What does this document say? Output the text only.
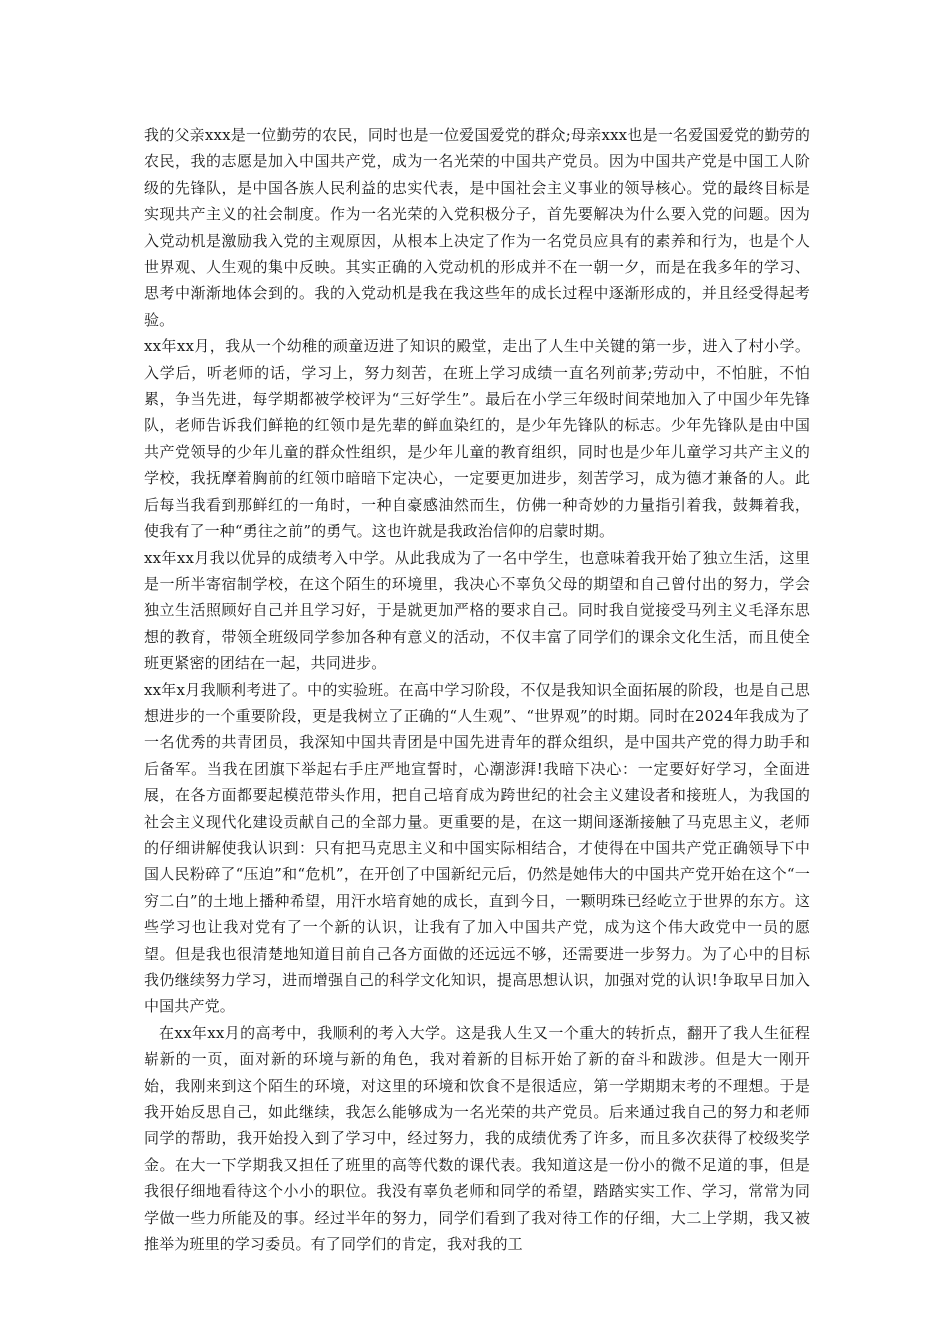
我的父亲xxx是一位勤劳的农民，同时也是一位爱国爱党的群众;母亲xxx也是一名爱国爱党的勤劳的农民，我的志愿是加入中国共产党，成为一名光荣的中国共产党员。因为中国共产党是中国工人阶级的先锋队，是中国各族人民利益的忠实代表，是中国社会主义事业的领导核心。党的最终目标是实现共产主义的社会制度。作为一名光荣的入党积极分子，首先要解决为什么要入党的问题。因为入党动机是激励我入党的主观原因，从根本上决定了作为一名党员应具有的素养和行为，也是个人世界观、人生观的集中反映。其实正确的入党动机的形成并不在一朝一夕，而是在我多年的学习、思考中渐渐地体会到的。我的入党动机是我在我这些年的成长过程中逐渐形成的，并且经受得起考验。

xx年xx月，我从一个幼稚的顽童迈进了知识的殿堂，走出了人生中关键的第一步，进入了村小学。入学后，听老师的话，学习上，努力刻苦，在班上学习成绩一直名列前茅;劳动中，不怕脏，不怕累，争当先进，每学期都被学校评为“三好学生”。最后在小学三年级时间荣地加入了中国少年先锋队，老师告诉我们鲜艳的红领巾是先辈的鲜血染红的，是少年先锋队的标志。少年先锋队是由中国共产党领导的少年儿童的群众性组织，是少年儿童的教育组织，同时也是少年儿童学习共产主义的学校，我抚摩着胸前的红领巾暗暗下定决心，一定要更加进步，刻苦学习，成为德才兼备的人。此后每当我看到那鲜红的一角时，一种自豪感油然而生，仿佛一种奇妙的力量指引着我，鼓舞着我，使我有了一种“勇往之前”的勇气。这也许就是我政治信仰的启蒙时期。

xx年xx月我以优异的成绩考入中学。从此我成为了一名中学生，也意味着我开始了独立生活，这里是一所半寄宿制学校，在这个陌生的环境里，我决心不辜负父母的期望和自己曾付出的努力，学会独立生活照顾好自己并且学习好，于是就更加严格的要求自己。同时我自觉接受马列主义毛泽东思想的教育，带领全班级同学参加各种有意义的活动，不仅丰富了同学们的课余文化生活，而且使全班更紧密的团结在一起，共同进步。

xx年x月我顺利考进了。中的实验班。在高中学习阶段，不仅是我知识全面拓展的阶段，也是自己思想进步的一个重要阶段，更是我树立了正确的“人生观”、“世界观”的时期。同时在2024年我成为了一名优秀的共青团员，我深知中国共青团是中国先进青年的群众组织，是中国共产党的得力助手和后备军。当我在团旗下举起右手庄严地宣誓时，心潮澎湃!我暗下决心：一定要好好学习，全面进展，在各方面都要起模范带头作用，把自己培育成为跨世纪的社会主义建设者和接班人，为我国的社会主义现代化建设贡献自己的全部力量。更重要的是，在这一期间逐渐接触了马克思主义，老师的仔细讲解使我认识到：只有把马克思主义和中国实际相结合，才使得在中国共产党正确领导下中国人民粉碎了“压迫”和“危机”，在开创了中国新纪元后，仍然是她伟大的中国共产党开始在这个“一穷二白”的土地上播种希望，用汗水培育她的成长，直到今日，一颗明珠已经屹立于世界的东方。这些学习也让我对党有了一个新的认识，让我有了加入中国共产党，成为这个伟大政党中一员的愿望。但是我也很清楚地知道目前自己各方面做的还远远不够，还需要进一步努力。为了心中的目标我仍继续努力学习，进而增强自己的科学文化知识，提高思想认识，加强对党的认识!争取早日加入中国共产党。

在xx年xx月的高考中，我顺利的考入大学。这是我人生又一个重大的转折点，翻开了我人生征程崭新的一页，面对新的环境与新的角色，我对着新的目标开始了新的奋斗和跋涉。但是大一刚开始，我刚来到这个陌生的环境，对这里的环境和饮食不是很适应，第一学期期末考的不理想。于是我开始反思自己，如此继续，我怎么能够成为一名光荣的共产党员。后来通过我自己的努力和老师同学的帮助，我开始投入到了学习中，经过努力，我的成绩优秀了许多，而且多次获得了校级奖学金。在大一下学期我又担任了班里的高等代数的课代表。我知道这是一份小的微不足道的事，但是我很仔细地看待这个小小的职位。我没有辜负老师和同学的希望，踏踏实实工作、学习，常常为同学做一些力所能及的事。经过半年的努力，同学们看到了我对待工作的仔细，大二上学期，我又被推举为班里的学习委员。有了同学们的肯定，我对我的工
